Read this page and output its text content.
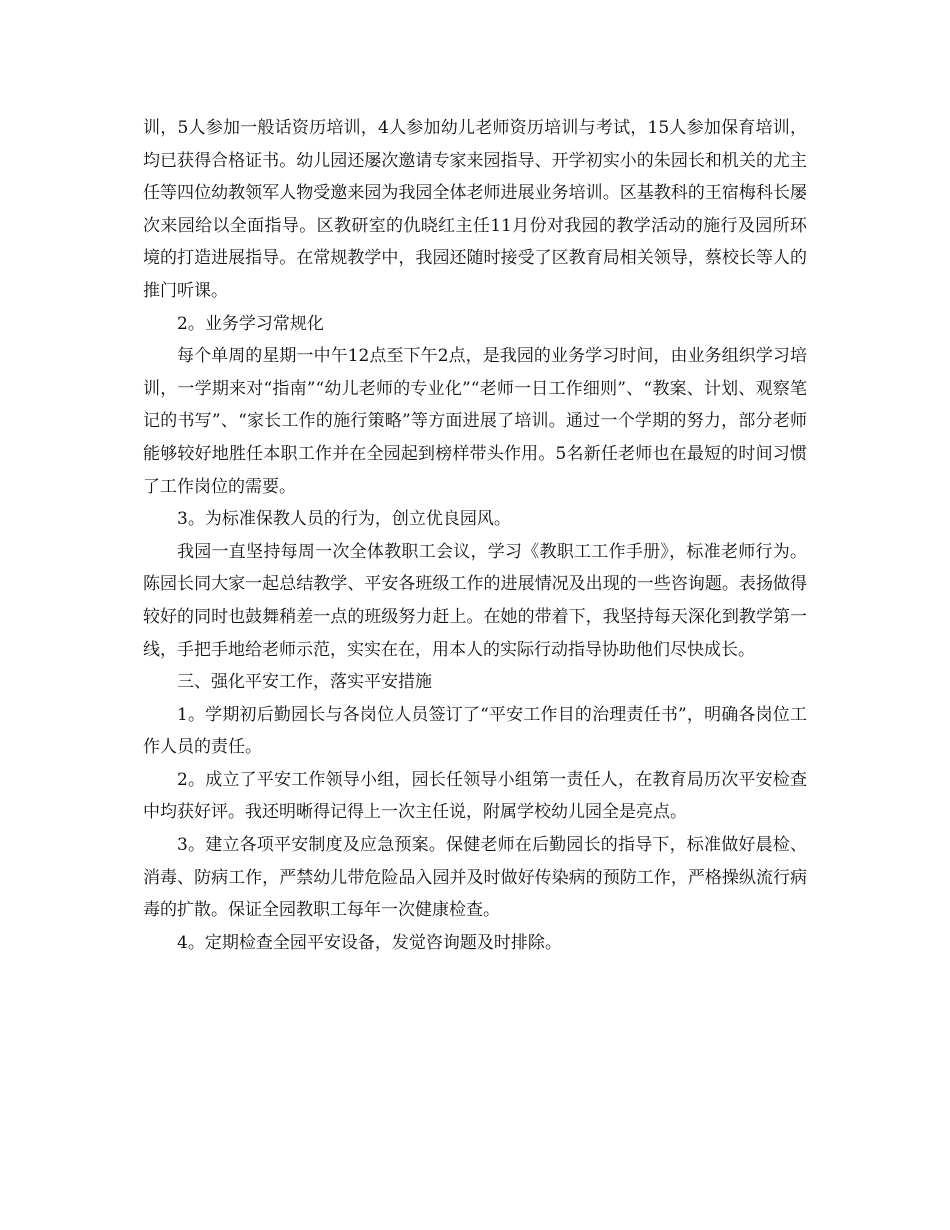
训，5人参加一般话资历培训，4人参加幼儿老师资历培训与考试，15人参加保育培训，均已获得合格证书。幼儿园还屡次邀请专家来园指导、开学初实小的朱园长和机关的尤主任等四位幼教领军人物受邀来园为我园全体老师进展业务培训。区基教科的王宿梅科长屡次来园给以全面指导。区教研室的仇晓红主任11月份对我园的教学活动的施行及园所环境的打造进展指导。在常规教学中，我园还随时接受了区教育局相关领导，蔡校长等人的推门听课。

2。业务学习常规化

每个单周的星期一中午12点至下午2点，是我园的业务学习时间，由业务组织学习培训，一学期来对“指南”“幼儿老师的专业化”“老师一日工作细则”、“教案、计划、观察笔记的书写”、“家长工作的施行策略”等方面进展了培训。通过一个学期的努力，部分老师能够较好地胜任本职工作并在全园起到榜样带头作用。5名新任老师也在最短的时间习惯了工作岗位的需要。

3。为标准保教人员的行为，创立优良园风。

我园一直坚持每周一次全体教职工会议，学习《教职工工作手册》，标准老师行为。陈园长同大家一起总结教学、平安各班级工作的进展情况及出现的一些咨询题。表扬做得较好的同时也鼓舞稍差一点的班级努力赶上。在她的带着下，我坚持每天深化到教学第一线，手把手地给老师示范，实实在在，用本人的实际行动指导协助他们尽快成长。

三、强化平安工作，落实平安措施

1。学期初后勤园长与各岗位人员签订了“平安工作目的治理责任书”，明确各岗位工作人员的责任。

2。成立了平安工作领导小组，园长任领导小组第一责任人，在教育局历次平安检查中均获好评。我还明晰得记得上一次主任说，附属学校幼儿园全是亮点。

3。建立各项平安制度及应急预案。保健老师在后勤园长的指导下，标准做好晨检、消毒、防病工作，严禁幼儿带危险品入园并及时做好传染病的预防工作，严格操纵流行病毒的扩散。保证全园教职工每年一次健康检查。

4。定期检查全园平安设备，发觉咨询题及时排除。
